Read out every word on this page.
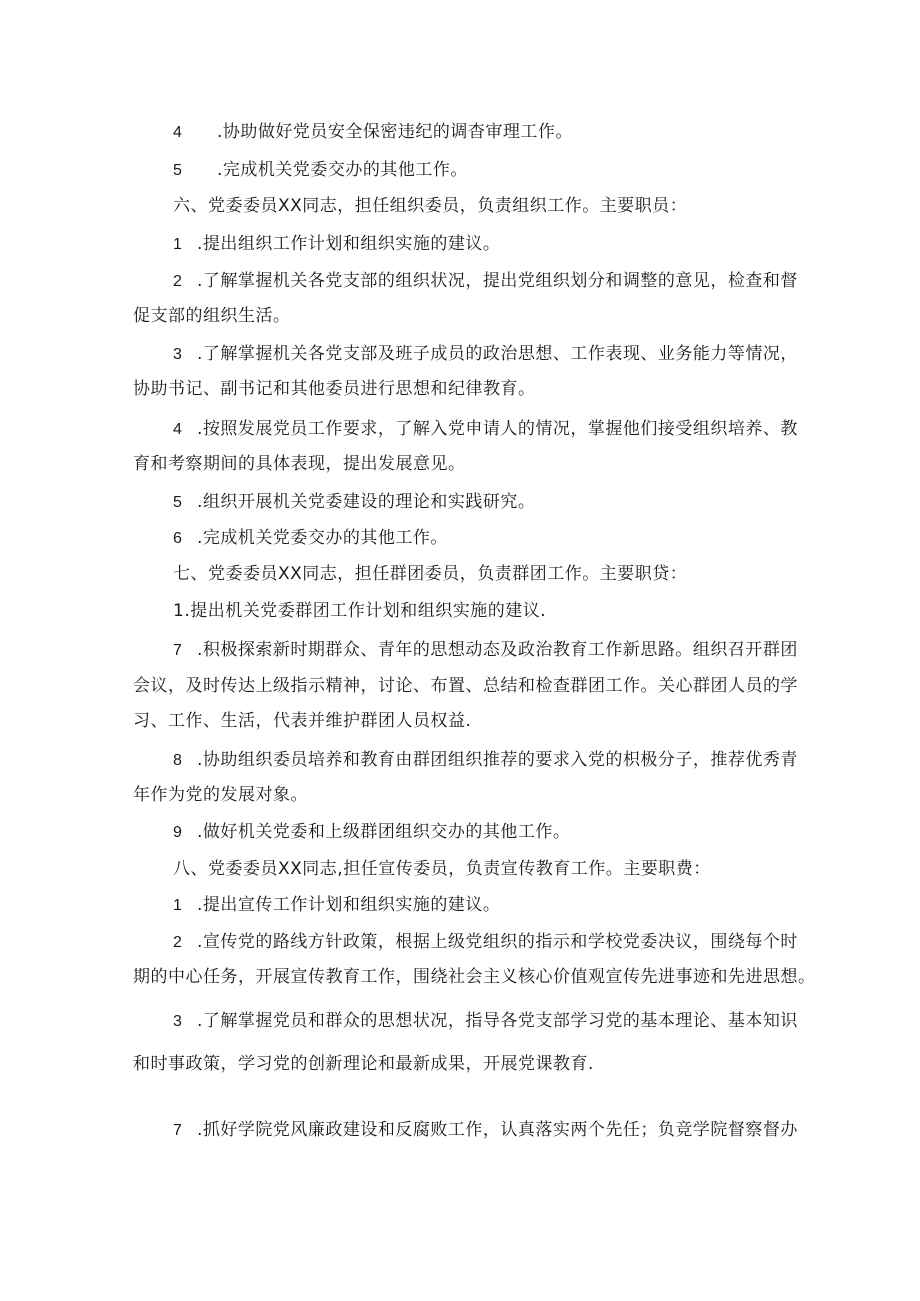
4 .协助做好党员安全保密违纪的调杳审理工作。

5 .完成机关党委交办的其他工作。

六、党委委员XX同志，担任组织委员，负责组织工作。主要职员：

1 .提出组织工作计划和组织实施的建议。

2 .了解掌握机关各党支部的组织状况，提出党组织划分和调整的意见，检查和督

促支部的组织生活。

3 .了解掌握机关各党支部及班子成员的政治思想、工作表现、业务能力等情况，

协助书记、副书记和其他委员进行思想和纪律教育。

4 .按照发展党员工作要求，了解入党申请人的情况，掌握他们接受组织培养、教

育和考察期间的具体表现，提出发展意见。

5 .组织开展机关党委建设的理论和实践研究。

6 .完成机关党委交办的其他工作。

七、党委委员XX同志，担任群团委员，负责群团工作。主要职贷：

1.提出机关党委群团工作计划和组织实施的建议.

7 .积极探索新时期群众、青年的思想动态及政治教育工作新思路。组织召开群团

会议，及时传达上级指示精神，讨论、布置、总结和检查群团工作。关心群团人员的学

习、工作、生活，代表并维护群团人员权益.

8 .协助组织委员培养和教育由群团组织推荐的要求入党的枳极分子，推荐优秀青

年作为党的发展对象。

9 .做好机关党委和上级群团组织交办的其他工作。

八、党委委员XX同志,担任宣传委员，负责宣传教育工作。主要职费：

1 .提出宣传工作计划和组织实施的建议。

2 .宣传党的路线方针政策，根据上级党组织的指示和学校党委决议，围绕每个时

期的中心任务，开展宣传教育工作，围绕社会主义核心价值观宣传先进事迹和先进思想。

3 .了解掌握党员和群众的思想状况，指导各党支部学习党的基本理论、基本知识

和时事政策，学习党的创新理论和最新成果，开展党课教育.

7 .抓好学院党风廉政建设和反腐败工作，认真落实两个先任；负竞学院督察督办
